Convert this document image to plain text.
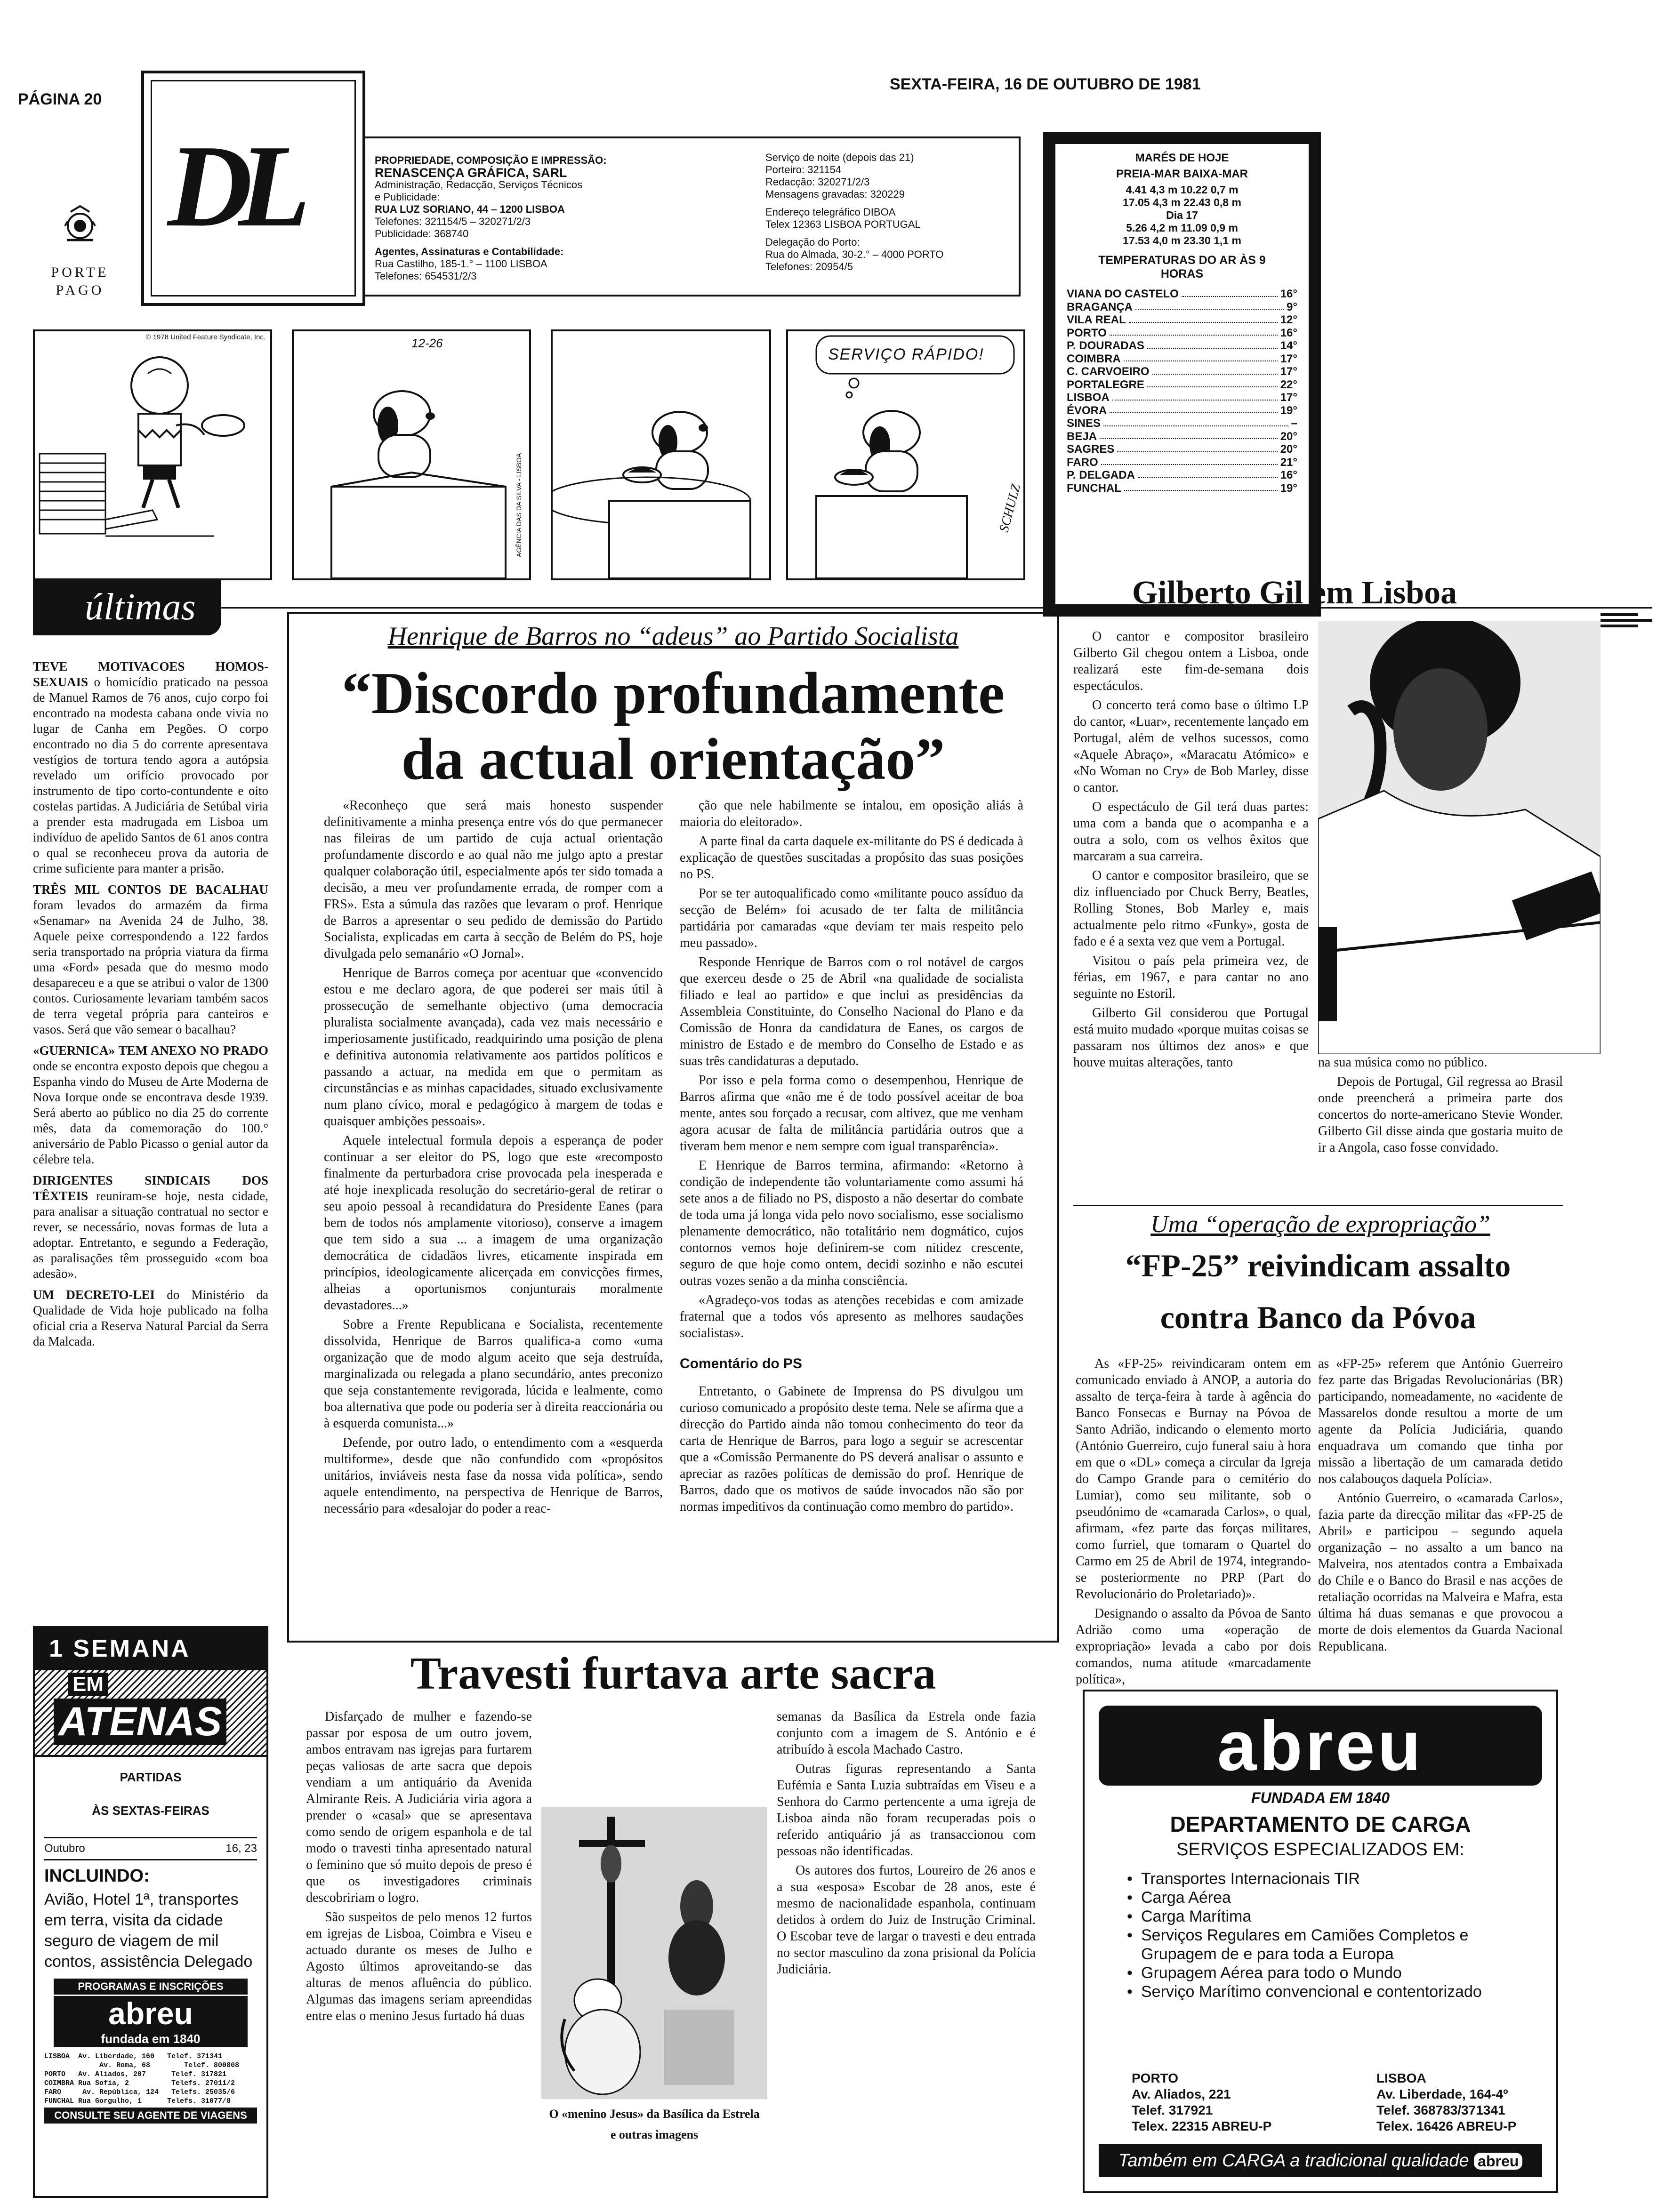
PÁGINA 20
SEXTA-FEIRA, 16 DE OUTUBRO DE 1981
DL
PORTE PAGO
PROPRIEDADE, COMPOSIÇÃO E IMPRESSÃO:
RENASCENÇA GRÁFICA, SARL
Administração, Redacção, Serviços Técnicos
e Publicidade:
RUA LUZ SORIANO, 44 – 1200 LISBOA
Telefones: 321154/5 – 320271/2/3
Publicidade: 368740
Agentes, Assinaturas e Contabilidade:
Rua Castilho, 185-1.° – 1100 LISBOA
Telefones: 654531/2/3
Serviço de noite (depois das 21)
Porteiro: 321154
Redacção: 320271/2/3
Mensagens gravadas: 320229
Endereço telegráfico DIBOA
Telex 12363 LISBOA PORTUGAL
Delegação do Porto:
Rua do Almada, 30-2.° – 4000 PORTO
Telefones: 20954/5
MARÉS DE HOJE
PREIA-MAR BAIXA-MAR
4.41 4,3 m 10.22 0,7 m
17.05 4,3 m 22.43 0,8 m
Dia 17
5.26 4,2 m 11.09 0,9 m
17.53 4,0 m 23.30 1,1 m
TEMPERATURAS DO AR ÀS 9 HORAS
VIANA DO CASTELO	16°
BRAGANÇA	9°
VILA REAL	12°
PORTO	16°
P. DOURADAS	14°
COIMBRA	17°
C. CARVOEIRO	17°
PORTALEGRE	22°
LISBOA	17°
ÉVORA	19°
SINES	–
BEJA	20°
SAGRES	20°
FARO	21°
P. DELGADA	16°
FUNCHAL	19°
© 1978 United Feature Syndicate, Inc.	12-26
AGÊNCIA DAS DA SILVA - LISBOA
SERVIÇO RÁPIDO!
SCHULZ
últimas

TEVE MOTIVACOES HOMOS-SEXUAIS o homicídio praticado na pessoa de Manuel Ramos de 76 anos, cujo corpo foi encontrado na modesta cabana onde vivia no lugar de Canha em Pegões. O corpo encontrado no dia 5 do corrente apresentava vestígios de tortura tendo agora a autópsia revelado um orifício provocado por instrumento de tipo corto-contundente e oito costelas partidas. A Judiciária de Setúbal viria a prender esta madrugada em Lisboa um indivíduo de apelido Santos de 61 anos contra o qual se reconheceu prova da autoria de crime suficiente para manter a prisão.

TRÊS MIL CONTOS DE BACALHAU foram levados do armazém da firma «Senamar» na Avenida 24 de Julho, 38. Aquele peixe correspondendo a 122 fardos seria transportado na própria viatura da firma uma «Ford» pesada que do mesmo modo desapareceu e a que se atribui o valor de 1300 contos. Curiosamente levariam também sacos de terra vegetal própria para canteiros e vasos. Será que vão semear o bacalhau?

«GUERNICA» TEM ANEXO NO PRADO onde se encontra exposto depois que chegou a Espanha vindo do Museu de Arte Moderna de Nova Iorque onde se encontrava desde 1939. Será aberto ao público no dia 25 do corrente mês, data da comemoração do 100.° aniversário de Pablo Picasso o genial autor da célebre tela.

DIRIGENTES SINDICAIS DOS TÊXTEIS reuniram-se hoje, nesta cidade, para analisar a situação contratual no sector e rever, se necessário, novas formas de luta a adoptar. Entretanto, e segundo a Federação, as paralisações têm prosseguido «com boa adesão».

UM DECRETO-LEI do Ministério da Qualidade de Vida hoje publicado na folha oficial cria a Reserva Natural Parcial da Serra da Malcada.

1 SEMANA
EM
ATENAS
PARTIDAS
ÀS SEXTAS-FEIRAS
Outubro	16, 23
INCLUINDO:
Avião, Hotel 1ª, transportes em terra, visita da cidade seguro de viagem de mil contos, assistência Delegado
PROGRAMAS E INSCRIÇÕES
abreu
fundada em 1840
LISBOA  Av. Liberdade, 160   Telef. 371341
Av. Roma, 68        Telef. 800808
PORTO   Av. Aliados, 207      Telef. 317821
COIMBRA Rua Sofia, 2          Telefs. 27011/2
FARO     Av. República, 124   Telefs. 25035/6
FUNCHAL Rua Gorgulho, 1      Telefs. 31077/8
CONSULTE SEU AGENTE DE VIAGENS
Henrique de Barros no “adeus” ao Partido Socialista
“Discordo profundamente
da actual orientação”

«Reconheço que será mais honesto suspender definitivamente a minha presença entre vós do que permanecer nas fileiras de um partido de cuja actual orientação profundamente discordo e ao qual não me julgo apto a prestar qualquer colaboração útil, especialmente após ter sido tomada a decisão, a meu ver profundamente errada, de romper com a FRS». Esta a súmula das razões que levaram o prof. Henrique de Barros a apresentar o seu pedido de demissão do Partido Socialista, explicadas em carta à secção de Belém do PS, hoje divulgada pelo semanário «O Jornal».

Henrique de Barros começa por acentuar que «convencido estou e me declaro agora, de que poderei ser mais útil à prossecução de semelhante objectivo (uma democracia pluralista socialmente avançada), cada vez mais necessário e imperiosamente justificado, readquirindo uma posição de plena e definitiva autonomia relativamente aos partidos políticos e passando a actuar, na medida em que o permitam as circunstâncias e as minhas capacidades, situado exclusivamente num plano cívico, moral e pedagógico à margem de todas e quaisquer ambições pessoais».

Aquele intelectual formula depois a esperança de poder continuar a ser eleitor do PS, logo que este «recomposto finalmente da perturbadora crise provocada pela inesperada e até hoje inexplicada resolução do secretário-geral de retirar o seu apoio pessoal à recandidatura do Presidente Eanes (para bem de todos nós amplamente vitorioso), conserve a imagem que tem sido a sua ... a imagem de uma organização democrática de cidadãos livres, eticamente inspirada em princípios, ideologicamente alicerçada em convicções firmes, alheias a oportunismos conjunturais moralmente devastadores...»

Sobre a Frente Republicana e Socialista, recentemente dissolvida, Henrique de Barros qualifica-a como «uma organização que de modo algum aceito que seja destruída, marginalizada ou relegada a plano secundário, antes preconizo que seja constantemente revigorada, lúcida e lealmente, como boa alternativa que pode ou poderia ser à direita reaccionária ou à esquerda comunista...»

Defende, por outro lado, o entendimento com a «esquerda multiforme», desde que não confundido com «propósitos unitários, inviáveis nesta fase da nossa vida política», sendo aquele entendimento, na perspectiva de Henrique de Barros, necessário para «desalojar do poder a reac-

ção que nele habilmente se intalou, em oposição aliás à maioria do eleitorado».

A parte final da carta daquele ex-militante do PS é dedicada à explicação de questões suscitadas a propósito das suas posições no PS.

Por se ter autoqualificado como «militante pouco assíduo da secção de Belém» foi acusado de ter falta de militância partidária por camaradas «que deviam ter mais respeito pelo meu passado».

Responde Henrique de Barros com o rol notável de cargos que exerceu desde o 25 de Abril «na qualidade de socialista filiado e leal ao partido» e que inclui as presidências da Assembleia Constituinte, do Conselho Nacional do Plano e da Comissão de Honra da candidatura de Eanes, os cargos de ministro de Estado e de membro do Conselho de Estado e as suas três candidaturas a deputado.

Por isso e pela forma como o desempenhou, Henrique de Barros afirma que «não me é de todo possível aceitar de boa mente, antes sou forçado a recusar, com altivez, que me venham agora acusar de falta de militância partidária outros que a tiveram bem menor e nem sempre com igual transparência».

E Henrique de Barros termina, afirmando: «Retorno à condição de independente tão voluntariamente como assumi há sete anos a de filiado no PS, disposto a não desertar do combate de toda uma já longa vida pelo novo socialismo, esse socialismo plenamente democrático, não totalitário nem dogmático, cujos contornos vemos hoje definirem-se com nitidez crescente, seguro de que hoje como ontem, decidi sozinho e não escutei outras vozes senão a da minha consciência.

«Agradeço-vos todas as atenções recebidas e com amizade fraternal que a todos vós apresento as melhores saudações socialistas».

Comentário do PS

Entretanto, o Gabinete de Imprensa do PS divulgou um curioso comunicado a propósito deste tema. Nele se afirma que a direcção do Partido ainda não tomou conhecimento do teor da carta de Henrique de Barros, para logo a seguir se acrescentar que a «Comissão Permanente do PS deverá analisar o assunto e apreciar as razões políticas de demissão do prof. Henrique de Barros, dado que os motivos de saúde invocados não são por normas impeditivos da continuação como membro do partido».

Gilberto Gil em Lisboa

O cantor e compositor brasileiro Gilberto Gil chegou ontem a Lisboa, onde realizará este fim-de-semana dois espectáculos.

O concerto terá como base o último LP do cantor, «Luar», recentemente lançado em Portugal, além de velhos sucessos, como «Aquele Abraço», «Maracatu Atómico» e «No Woman no Cry» de Bob Marley, disse o cantor.

O espectáculo de Gil terá duas partes: uma com a banda que o acompanha e a outra a solo, com os velhos êxitos que marcaram a sua carreira.

O cantor e compositor brasileiro, que se diz influenciado por Chuck Berry, Beatles, Rolling Stones, Bob Marley e, mais actualmente pelo ritmo «Funky», gosta de fado e é a sexta vez que vem a Portugal.

Visitou o país pela primeira vez, de férias, em 1967, e para cantar no ano seguinte no Estoril.

Gilberto Gil considerou que Portugal está muito mudado «porque muitas coisas se passaram nos últimos dez anos» e que houve muitas alterações, tanto	na sua música como no público.

Depois de Portugal, Gil regressa ao Brasil onde preencherá a primeira parte dos concertos do norte-americano Stevie Wonder. Gilberto Gil disse ainda que gostaria muito de ir a Angola, caso fosse convidado.

Uma “operação de expropriação”
“FP-25” reivindicam assalto
contra Banco da Póvoa

As «FP-25» reivindicaram ontem em comunicado enviado à ANOP, a autoria do assalto de terça-feira à tarde à agência do Banco Fonsecas e Burnay na Póvoa de Santo Adrião, indicando o elemento morto (António Guerreiro, cujo funeral saiu à hora em que o «DL» começa a circular da Igreja do Campo Grande para o cemitério do Lumiar), como seu militante, sob o pseudónimo de «camarada Carlos», o qual, afirmam, «fez parte das forças militares, como furriel, que tomaram o Quartel do Carmo em 25 de Abril de 1974, integrando-se posteriormente no PRP (Part do Revolucionário do Proletariado)».

Designando o assalto da Póvoa de Santo Adrião como uma «operação de expropriação» levada a cabo por dois comandos, numa atitude «marcadamente política»,

as «FP-25» referem que António Guerreiro fez parte das Brigadas Revolucionárias (BR) participando, nomeadamente, no «acidente de Massarelos donde resultou a morte de um agente da Polícia Judiciária, quando enquadrava um comando que tinha por missão a libertação de um camarada detido nos calabouços daquela Polícia».

António Guerreiro, o «camarada Carlos», fazia parte da direcção militar das «FP-25 de Abril» e participou – segundo aquela organização – no assalto a um banco na Malveira, nos atentados contra a Embaixada do Chile e o Banco do Brasil e nas acções de retaliação ocorridas na Malveira e Mafra, esta última há duas semanas e que provocou a morte de dois elementos da Guarda Nacional Republicana.

Travesti furtava arte sacra

Disfarçado de mulher e fazendo-se passar por esposa de um outro jovem, ambos entravam nas igrejas para furtarem peças valiosas de arte sacra que depois vendiam a um antiquário da Avenida Almirante Reis. A Judiciária viria agora a prender o «casal» que se apresentava como sendo de origem espanhola e de tal modo o travesti tinha apresentado natural o feminino que só muito depois de preso é que os investigadores criminais descobririam o logro.

São suspeitos de pelo menos 12 furtos em igrejas de Lisboa, Coimbra e Viseu e actuado durante os meses de Julho e Agosto últimos aproveitando-se das alturas de menos afluência do público. Algumas das imagens seriam apreendidas entre elas o menino Jesus furtado há duas

O «menino Jesus» da Basílica da Estrela e outras imagens

semanas da Basílica da Estrela onde fazia conjunto com a imagem de S. António e é atribuído à escola Machado Castro.

Outras figuras representando a Santa Eufémia e Santa Luzia subtraídas em Viseu e a Senhora do Carmo pertencente a uma igreja de Lisboa ainda não foram recuperadas pois o referido antiquário já as transaccionou com pessoas não identificadas.

Os autores dos furtos, Loureiro de 26 anos e a sua «esposa» Escobar de 28 anos, este é mesmo de nacionalidade espanhola, continuam detidos à ordem do Juiz de Instrução Criminal. O Escobar teve de largar o travesti e deu entrada no sector masculino da zona prisional da Polícia Judiciária.

abreu
FUNDADA EM 1840
DEPARTAMENTO DE CARGA
SERVIÇOS ESPECIALIZADOS EM:
• Transportes Internacionais TIR
• Carga Aérea
• Carga Marítima
• Serviços Regulares em Camiões Completos e Grupagem de e para toda a Europa
• Grupagem Aérea para todo o Mundo
• Serviço Marítimo convencional e contentorizado
PORTO
Av. Aliados, 221
Telef. 317921
Telex. 22315 ABREU-P
LISBOA
Av. Liberdade, 164-4º
Telef. 368783/371341
Telex. 16426 ABREU-P
Também em CARGA a tradicional qualidade abreu
